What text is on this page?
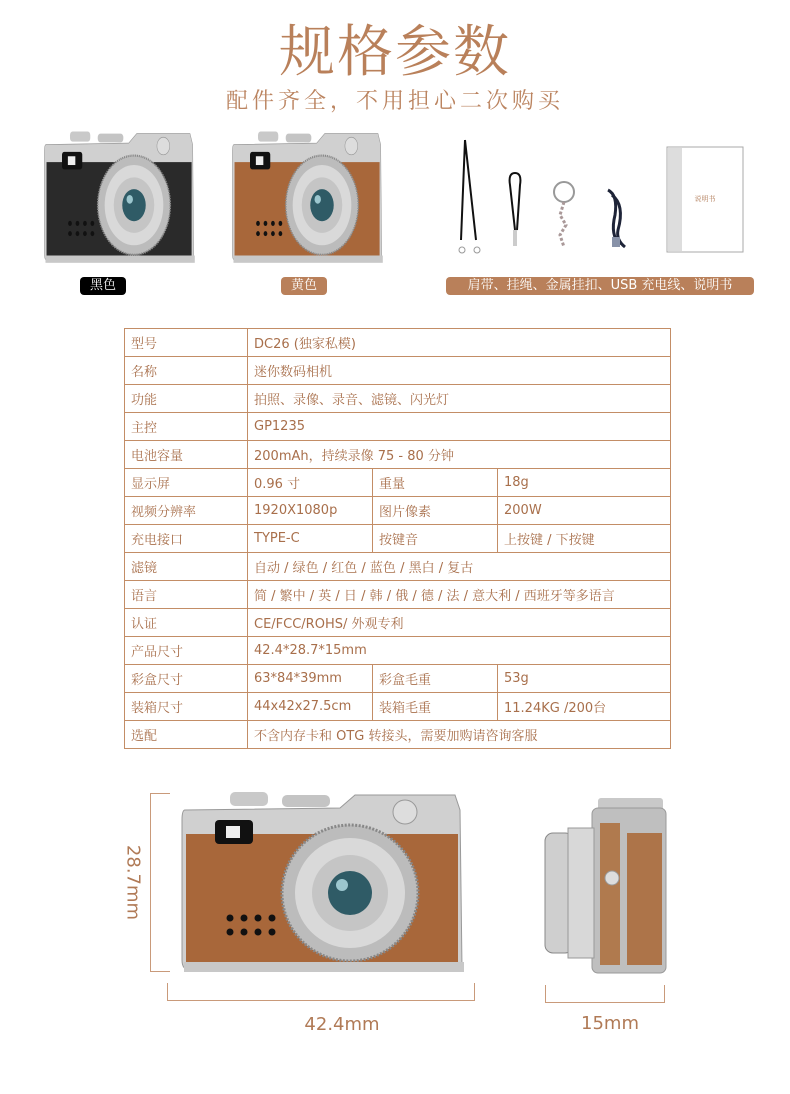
规格参数
配件齐全，不用担心二次购买
黑色	黄色
说明书
肩带、挂绳、金属挂扣、USB 充电线、说明书
型号	DC26 (独家私模)		
名称	迷你数码相机		
功能	拍照、录像、录音、滤镜、闪光灯		
主控	GP1235		
电池容量	200mAh，持续录像 75 - 80 分钟		
显示屏	0.96 寸	重量	18g
视频分辨率	1920X1080p	图片像素	200W
充电接口	TYPE-C	按键音	上按键 / 下按键
滤镜	自动 / 绿色 / 红色 / 蓝色 / 黑白 / 复古		
语言	简 / 繁中 / 英 / 日 / 韩 / 俄 / 德 / 法 / 意大利 / 西班牙等多语言		
认证	CE/FCC/ROHS/ 外观专利		
产品尺寸	42.4*28.7*15mm		
彩盒尺寸	63*84*39mm	彩盒毛重	53g
装箱尺寸	44x42x27.5cm	装箱毛重	11.24KG /200台
选配	不含内存卡和 OTG 转接头，需要加购请咨询客服		
28.7mm
42.4mm	15mm
